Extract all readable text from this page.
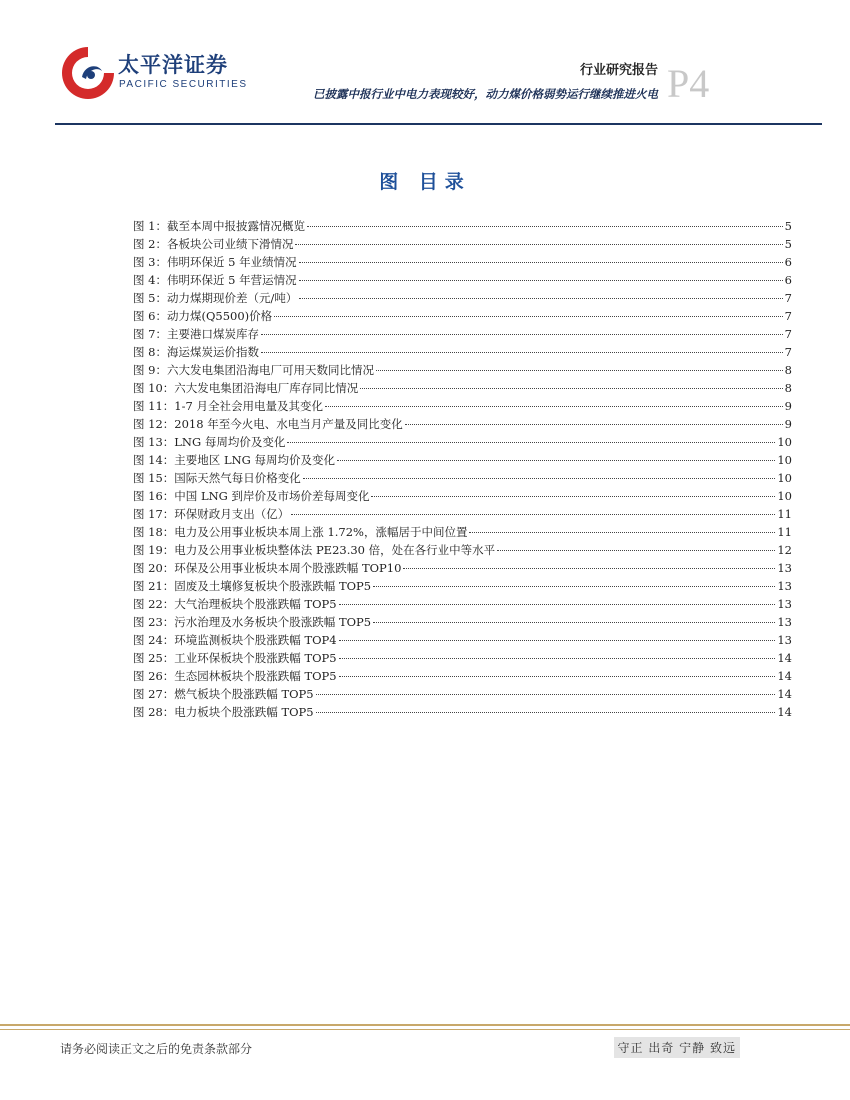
太平洋证券
PACIFIC SECURITIES
行业研究报告
已披露中报行业中电力表现较好，动力煤价格弱势运行继续推进火电 P4
图 目录
图 1：截至本周中报披露情况概览	5
图 2：各板块公司业绩下滑情况	5
图 3：伟明环保近 5 年业绩情况	6
图 4：伟明环保近 5 年营运情况	6
图 5：动力煤期现价差（元/吨）	7
图 6：动力煤(Q5500)价格	7
图 7：主要港口煤炭库存	7
图 8：海运煤炭运价指数	7
图 9：六大发电集团沿海电厂可用天数同比情况	8
图 10：六大发电集团沿海电厂库存同比情况	8
图 11：1-7 月全社会用电量及其变化	9
图 12：2018 年至今火电、水电当月产量及同比变化	9
图 13：LNG 每周均价及变化	10
图 14：主要地区 LNG 每周均价及变化	10
图 15：国际天然气每日价格变化	10
图 16：中国 LNG 到岸价及市场价差每周变化	10
图 17：环保财政月支出（亿）	11
图 18：电力及公用事业板块本周上涨 1.72%，涨幅居于中间位置	11
图 19：电力及公用事业板块整体法 PE23.30 倍，处在各行业中等水平	12
图 20：环保及公用事业板块本周个股涨跌幅 TOP10	13
图 21：固废及土壤修复板块个股涨跌幅 TOP5	13
图 22：大气治理板块个股涨跌幅 TOP5	13
图 23：污水治理及水务板块个股涨跌幅 TOP5	13
图 24：环境监测板块个股涨跌幅 TOP4	13
图 25：工业环保板块个股涨跌幅 TOP5	14
图 26：生态园林板块个股涨跌幅 TOP5	14
图 27：燃气板块个股涨跌幅 TOP5	14
图 28：电力板块个股涨跌幅 TOP5	14
请务必阅读正文之后的免责条款部分	守正 出奇 宁静 致远
